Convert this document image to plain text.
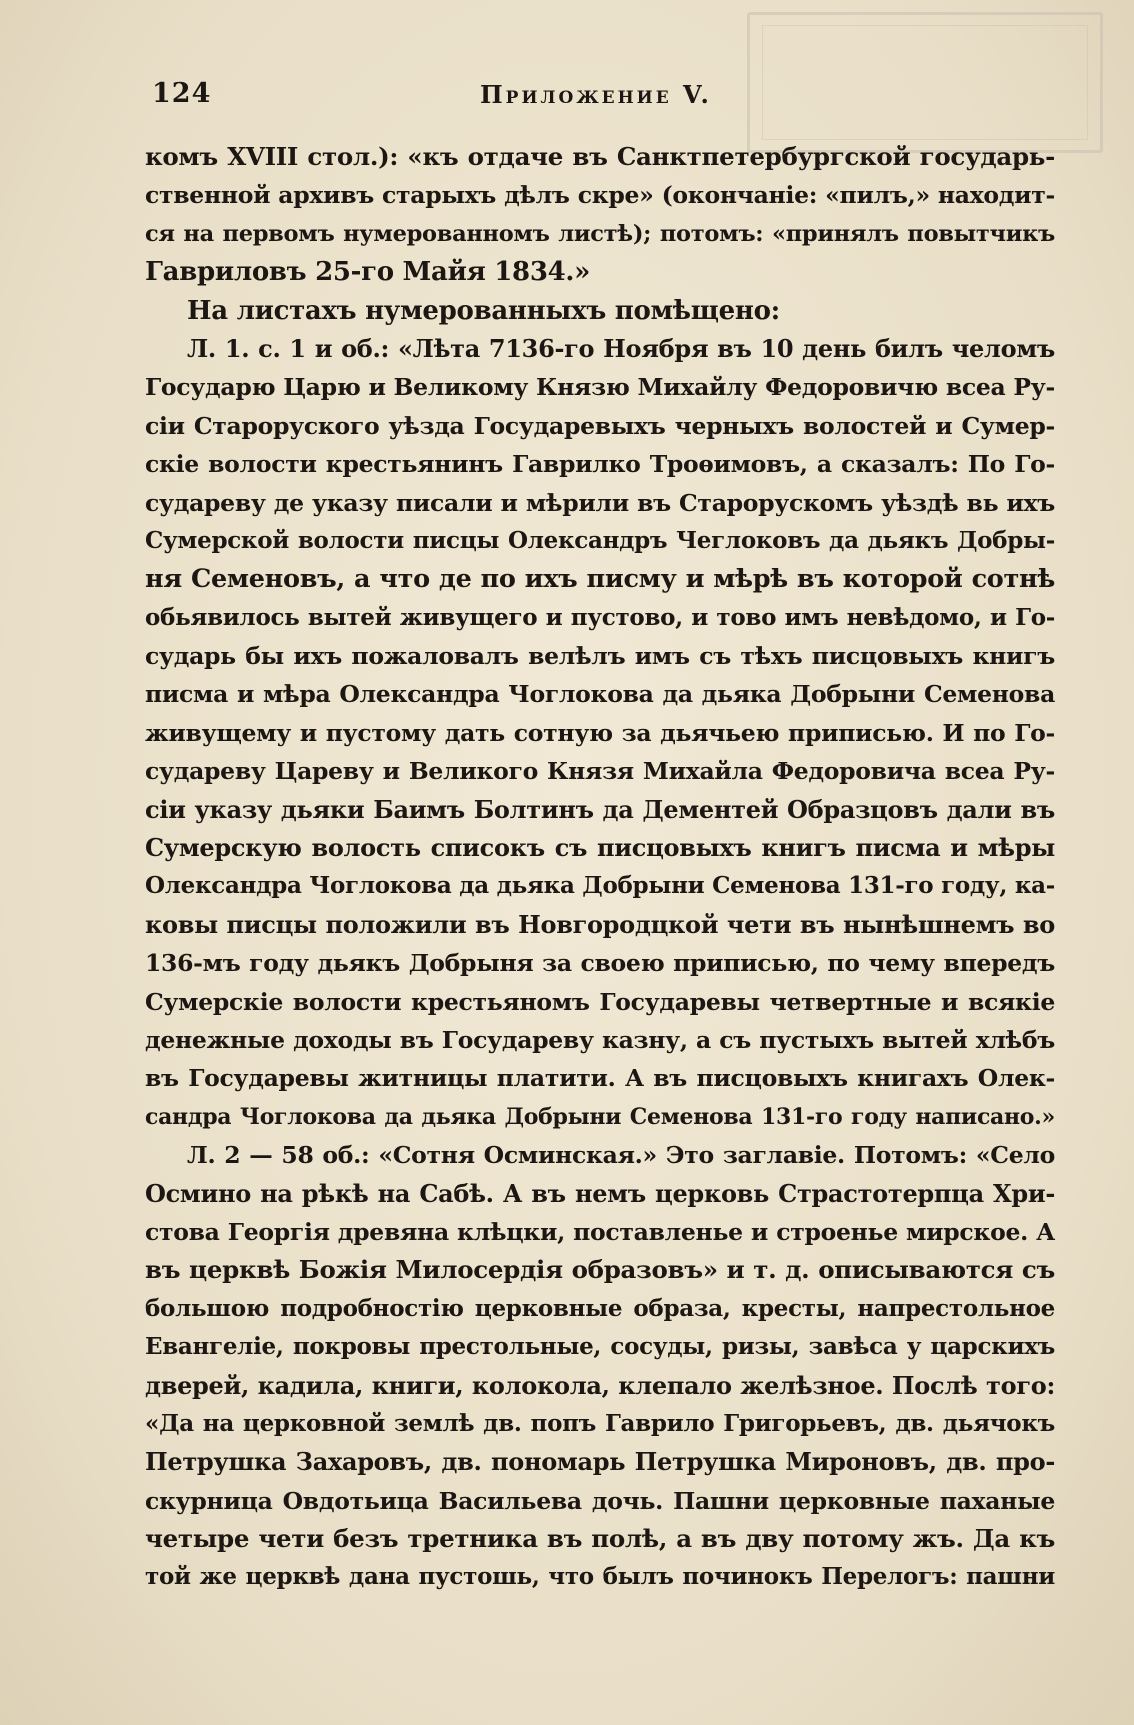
124	Приложение V.
комъ XVIII стол.): «къ отдаче въ Санктпетербургской государь-
ственной архивъ старыхъ дѣлъ скре» (окончаніе: «пилъ,» находит-
ся на первомъ нумерованномъ листѣ); потомъ: «принялъ повытчикъ
Гавриловъ 25-го Майя 1834.»
На листахъ нумерованныхъ помѣщено:
Л. 1. с. 1 и об.: «Лѣта 7136-го Ноября въ 10 день билъ челомъ
Государю Царю и Великому Князю Михайлу Федоровичю всеа Ру-
сіи Староруского уѣзда Государевыхъ черныхъ волостей и Сумер-
скіе волости крестьянинъ Гаврилко Троѳимовъ, а сказалъ: По Го-
судареву де указу писали и мѣрили въ Староруcкомъ уѣздѣ вь ихъ
Сумерской волости писцы Олександръ Чеглоковъ да дьякъ Добры-
ня Семеновъ, а что де по ихъ писму и мѣрѣ въ которой сотнѣ
обьявилось вытей живущего и пустово, и тово имъ невѣдомо, и Го-
сударь бы ихъ пожаловалъ велѣлъ имъ съ тѣхъ писцовыхъ книгъ
писма и мѣра Олександра Чоглокова да дьяка Добрыни Семенова
живущему и пустому дать сотную за дьячьею приписью. И по Го-
судареву Цареву и Великого Князя Михайла Федоровича всеа Ру-
сіи указу дьяки Баимъ Болтинъ да Дементей Образцовъ дали въ
Сумерскую волость списокъ съ писцовыхъ книгъ писма и мѣры
Олександра Чоглокова да дьяка Добрыни Семенова 131-го году, ка-
ковы писцы положили въ Новгородцкой чети въ нынѣшнемъ во
136-мъ году дьякъ Добрыня за своею приписью, по чему впередъ
Сумерскіе волости крестьяномъ Государевы четвертные и всякіе
денежные доходы въ Государеву казну, а съ пустыхъ вытей хлѣбъ
въ Государевы житницы платити. А въ писцовыхъ книгахъ Олек-
сандра Чоглокова да дьяка Добрыни Семенова 131-го году написано.»
Л. 2 — 58 об.: «Сотня Осминская.» Это заглавіе. Потомъ: «Село
Осмино на рѣкѣ на Сабѣ. А въ немъ церковь Страстотерпца Хри-
стова Георгія древяна клѣцки, поставленье и строенье мирское. А
въ церквѣ Божія Милосердія образовъ» и т. д. описываются съ
большою подробностію церковные образа, кресты, напрестольное
Евангеліе, покровы престольные, сосуды, ризы, завѣса у царскихъ
дверей, кадила, книги, колокола, клепало желѣзное. Послѣ того:
«Да на церковной землѣ дв. попъ Гаврило Григорьевъ, дв. дьячокъ
Петрушка Захаровъ, дв. пономарь Петрушка Мироновъ, дв. про-
скурница Овдотьица Васильева дочь. Пашни церковные паханые
четыре чети безъ третника въ полѣ, а въ дву потому жъ. Да къ
той же церквѣ дана пустошь, что былъ починокъ Перелогъ: пашни
